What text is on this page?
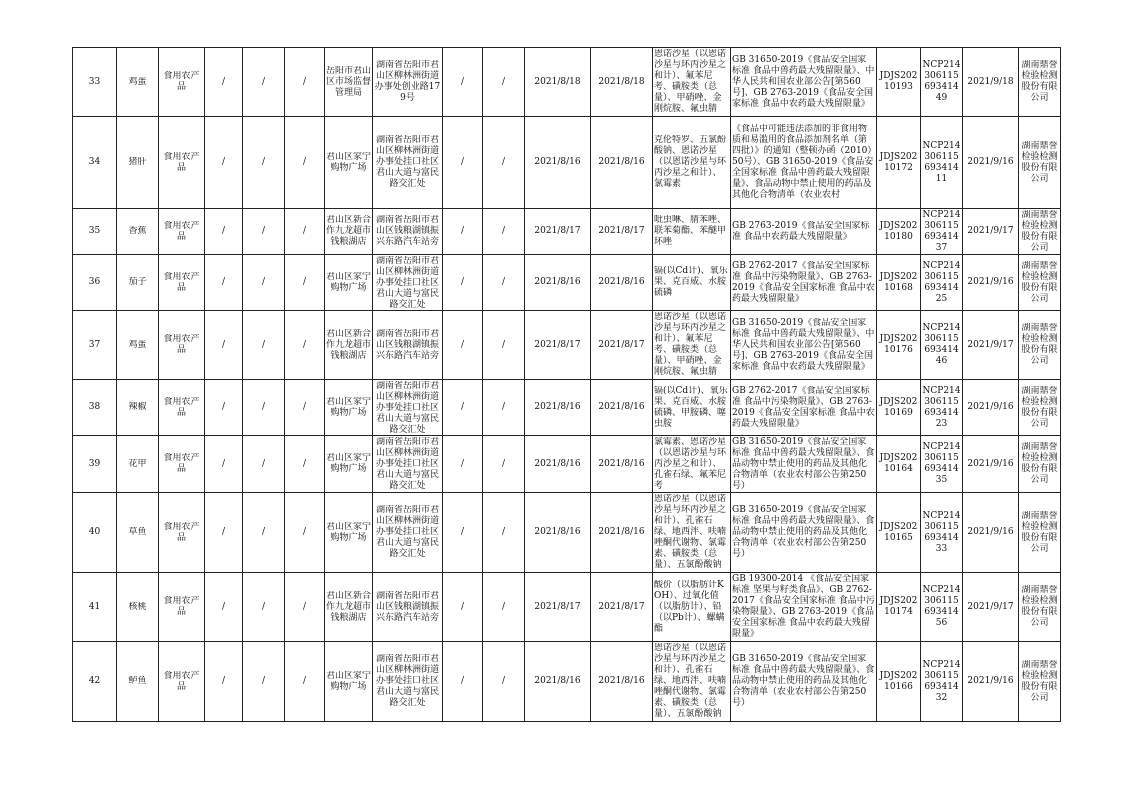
33	鸡蛋	食用农产品	/	/	/	岳阳市君山区市场监督管理局	湖南省岳阳市君山区柳林洲街道办事处创业路179号	/	/	2021/8/18	2021/8/18	恩诺沙星（以恩诺沙星与环丙沙星之和计）、氟苯尼考、磺胺类（总量）、甲硝唑、金刚烷胺、氟虫腈	GB 31650-2019《食品安全国家标准 食品中兽药最大残留限量》、中华人民共和国农业部公告[第560号]、GB 2763-2019《食品安全国家标准 食品中农药最大残留限量》	JDJS20210193	NCP21430611569341449	2021/9/18	湖南鼎誉检验检测股份有限公司

34	猪肝	食用农产品	/	/	/	君山区家宁购物广场	湖南省岳阳市君山区柳林洲街道办事处挂口社区君山大道与富民路交汇处	/	/	2021/8/16	2021/8/16	克伦特罗、五氯酚酸钠、恩诺沙星（以恩诺沙星与环丙沙星之和计）、氯霉素	《食品中可能违法添加的非食用物质和易滥用的食品添加剂名单（第四批）》的通知（整顿办函（2010）50号）、GB 31650-2019《食品安全国家标准 食品中兽药最大残留限量》、食品动物中禁止使用的药品及其他化合物清单（农业农村	JDJS20210172	NCP21430611569341411	2021/9/16	湖南鼎誉检验检测股份有限公司

35	香蕉	食用农产品	/	/	/	君山区新合作九龙超市钱粮湖店	湖南省岳阳市君山区钱粮湖镇振兴东路汽车站旁	/	/	2021/8/17	2021/8/17	吡虫啉、腈苯唑、联苯菊酯、苯醚甲环唑	GB 2763-2019《食品安全国家标准 食品中农药最大残留限量》	JDJS20210180	NCP21430611569341437	2021/9/17	湖南鼎誉检验检测股份有限公司

36	茄子	食用农产品	/	/	/	君山区家宁购物广场	湖南省岳阳市君山区柳林洲街道办事处挂口社区君山大道与富民路交汇处	/	/	2021/8/16	2021/8/16	镉(以Cd计)、氧乐果、克百威、水胺硫磷	GB 2762-2017《食品安全国家标准 食品中污染物限量》、GB 2763-2019《食品安全国家标准 食品中农药最大残留限量》	JDJS20210168	NCP21430611569341425	2021/9/16	湖南鼎誉检验检测股份有限公司

37	鸡蛋	食用农产品	/	/	/	君山区新合作九龙超市钱粮湖店	湖南省岳阳市君山区钱粮湖镇振兴东路汽车站旁	/	/	2021/8/17	2021/8/17	恩诺沙星（以恩诺沙星与环丙沙星之和计）、氟苯尼考、磺胺类（总量）、甲硝唑、金刚烷胺、氟虫腈	GB 31650-2019《食品安全国家标准 食品中兽药最大残留限量》、中华人民共和国农业部公告[第560号]、GB 2763-2019《食品安全国家标准 食品中农药最大残留限量》	JDJS20210176	NCP21430611569341446	2021/9/17	湖南鼎誉检验检测股份有限公司

38	辣椒	食用农产品	/	/	/	君山区家宁购物广场	湖南省岳阳市君山区柳林洲街道办事处挂口社区君山大道与富民路交汇处	/	/	2021/8/16	2021/8/16	镉(以Cd计)、氧乐果、克百威、水胺硫磷、甲胺磷、噻虫胺	GB 2762-2017《食品安全国家标准 食品中污染物限量》、GB 2763-2019《食品安全国家标准 食品中农药最大残留限量》	JDJS20210169	NCP21430611569341423	2021/9/16	湖南鼎誉检验检测股份有限公司

39	花甲	食用农产品	/	/	/	君山区家宁购物广场	湖南省岳阳市君山区柳林洲街道办事处挂口社区君山大道与富民路交汇处	/	/	2021/8/16	2021/8/16	氯霉素、恩诺沙星（以恩诺沙星与环丙沙星之和计）、孔雀石绿、氟苯尼考	GB 31650-2019《食品安全国家标准 食品中兽药最大残留限量》、食品动物中禁止使用的药品及其他化合物清单（农业农村部公告第250号）	JDJS20210164	NCP21430611569341435	2021/9/16	湖南鼎誉检验检测股份有限公司

40	草鱼	食用农产品	/	/	/	君山区家宁购物广场	湖南省岳阳市君山区柳林洲街道办事处挂口社区君山大道与富民路交汇处	/	/	2021/8/16	2021/8/16	恩诺沙星（以恩诺沙星与环丙沙星之和计）、孔雀石绿、地西泮、呋喃唑酮代谢物、氯霉素、磺胺类（总量）、五氯酚酸钠	GB 31650-2019《食品安全国家标准 食品中兽药最大残留限量》、食品动物中禁止使用的药品及其他化合物清单（农业农村部公告第250号）	JDJS20210165	NCP21430611569341433	2021/9/16	湖南鼎誉检验检测股份有限公司

41	核桃	食用农产品	/	/	/	君山区新合作九龙超市钱粮湖店	湖南省岳阳市君山区钱粮湖镇振兴东路汽车站旁	/	/	2021/8/17	2021/8/17	酸价（以脂肪计KOH）、过氧化值（以脂肪计）、铅（以Pb计）、螺螨酯	GB 19300-2014 《食品安全国家标准 坚果与籽类食品》、GB 2762-2017《食品安全国家标准 食品中污染物限量》、GB 2763-2019《食品安全国家标准 食品中农药最大残留限量》	JDJS20210174	NCP21430611569341456	2021/9/17	湖南鼎誉检验检测股份有限公司

42	鲈鱼	食用农产品	/	/	/	君山区家宁购物广场	湖南省岳阳市君山区柳林洲街道办事处挂口社区君山大道与富民路交汇处	/	/	2021/8/16	2021/8/16	恩诺沙星（以恩诺沙星与环丙沙星之和计）、孔雀石绿、地西泮、呋喃唑酮代谢物、氯霉素、磺胺类（总量）、五氯酚酸钠	GB 31650-2019《食品安全国家标准 食品中兽药最大残留限量》、食品动物中禁止使用的药品及其他化合物清单（农业农村部公告第250号）	JDJS20210166	NCP21430611569341432	2021/9/16	湖南鼎誉检验检测股份有限公司
